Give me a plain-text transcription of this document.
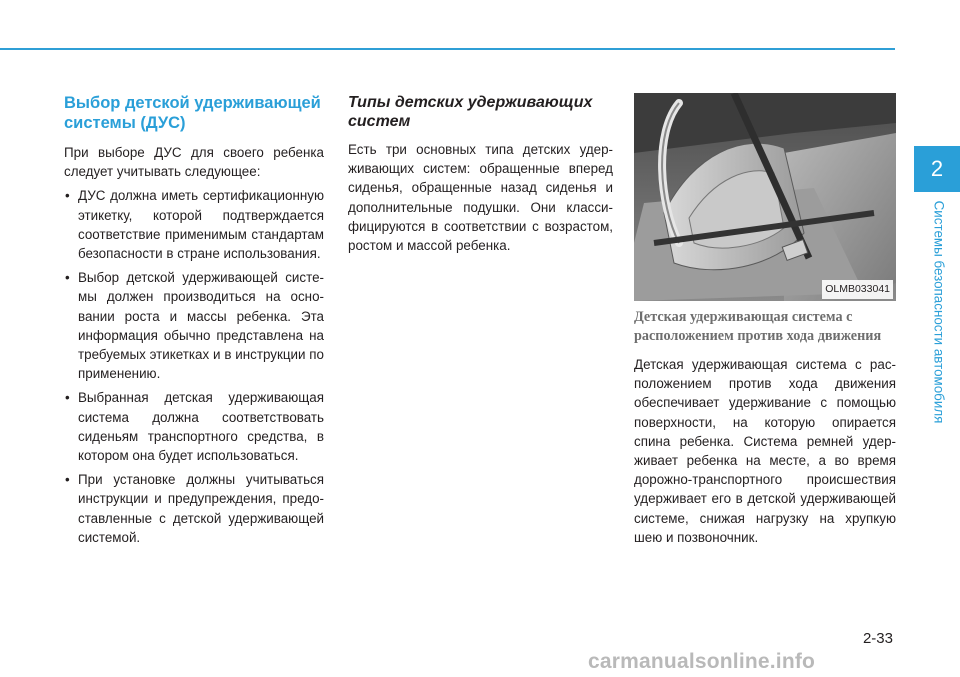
Выбор детской удерживающей системы (ДУС)

При выборе ДУС для своего ребенка следует учитывать следующее:

• ДУС должна иметь сертификационную этикетку, которой подтверждается соответствие применимым стандартам безопасности в стране использования.
• Выбор детской удерживающей системы должен производиться на основании роста и массы ребенка. Эта информация обычно представлена на требуемых этикетках и в инструкции по применению.
• Выбранная детская удерживающая система должна соответствовать сиденьям транспортного средства, в котором она будет использоваться.
• При установке должны учитываться инструкции и предупреждения, предоставленные с детской удерживающей системой.
Типы детских удерживающих систем

Есть три основных типа детских удерживающих систем: обращенные вперед сиденья, обращенные назад сиденья и дополнительные подушки. Они классифицируются в соответствии с возрастом, ростом и массой ребенка.

OLMB033041
Детская удерживающая система с расположением против хода движения

Детская удерживающая система с расположением против хода движения обеспечивает удерживание с помощью поверхности, на которую опирается спина ребенка. Система ремней удерживает ребенка на месте, а во время дорожно-транспортного происшествия удерживает его в детской удерживающей системе, снижая нагрузку на хрупкую шею и позвоночник.

2
Системы безопасности автомобиля
2-33
carmanualsonline.info
